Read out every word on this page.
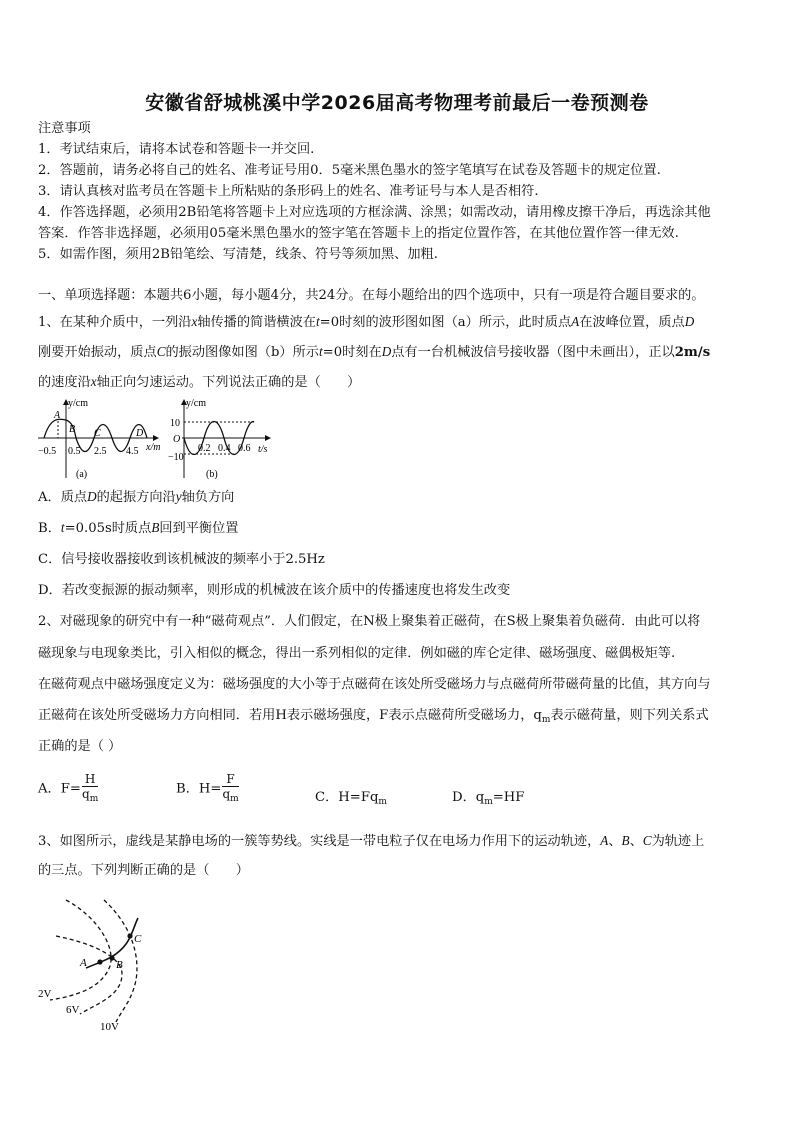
安徽省舒城桃溪中学2026届高考物理考前最后一卷预测卷
注意事项
1．考试结束后，请将本试卷和答题卡一并交回.
2．答题前，请务必将自己的姓名、准考证号用0．5毫米黑色墨水的签字笔填写在试卷及答题卡的规定位置.
3．请认真核对监考员在答题卡上所粘贴的条形码上的姓名、准考证号与本人是否相符.
4．作答选择题，必须用2B铅笔将答题卡上对应选项的方框涂满、涂黑；如需改动，请用橡皮擦干净后，再选涂其他
答案．作答非选择题，必须用05毫米黑色墨水的签字笔在答题卡上的指定位置作答，在其他位置作答一律无效.
5．如需作图，须用2B铅笔绘、写清楚，线条、符号等须加黑、加粗.
一、单项选择题：本题共6小题，每小题4分，共24分。在每小题给出的四个选项中，只有一项是符合题目要求的。
1、在某种介质中，一列沿x轴传播的简谐横波在t=0时刻的波形图如图（a）所示，此时质点A在波峰位置，质点D
刚要开始振动，质点C的振动图像如图（b）所示t=0时刻在D点有一台机械波信号接收器（图中未画出），正以2m/s
的速度沿x轴正向匀速运动。下列说法正确的是（　　）
y/cm
x/m
A
B C	D
−0.5 0.5 2.5 4.5
(a)
y/cm
t/s
10
O
−10
0.2 0.4 0.6
(b)
A．质点D的起振方向沿y轴负方向
B．t=0.05s时质点B回到平衡位置
C．信号接收器接收到该机械波的频率小于2.5Hz
D．若改变振源的振动频率，则形成的机械波在该介质中的传播速度也将发生改变
2、对磁现象的研究中有一种“磁荷观点”．人们假定，在N极上聚集着正磁荷，在S极上聚集着负磁荷．由此可以将
磁现象与电现象类比，引入相似的概念，得出一系列相似的定律．例如磁的库仑定律、磁场强度、磁偶极矩等.
在磁荷观点中磁场强度定义为：磁场强度的大小等于点磁荷在该处所受磁场力与点磁荷所带磁荷量的比值，其方向与
正磁荷在该处所受磁场力方向相同．若用H表示磁场强度，F表示点磁荷所受磁场力，$q_m$表示磁荷量，则下列关系式
正确的是（ ）
A．$F= \frac{H}{q_m}$	B．$H= \frac{F}{q_m}$	C．$H=Fq_m$	D．$q_m=HF$
3、如图所示，虚线是某静电场的一簇等势线。实线是一带电粒子仅在电场力作用下的运动轨迹，A、B、C为轨迹上
的三点。下列判断正确的是（　　）
A	B
C
2V
6V
10V
